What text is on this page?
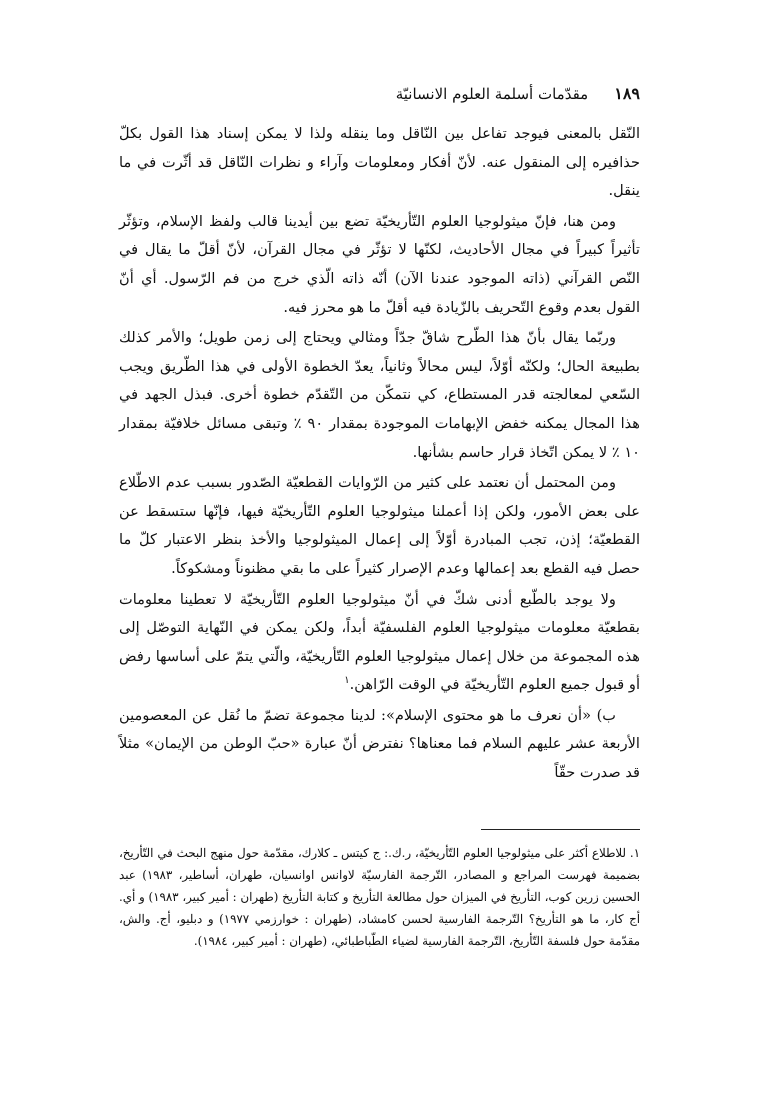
١٨٩
مقدّمات أسلمة العلوم الانسانيّة

النّقل بالمعنى فيوجد تفاعل بين النّاقل وما ينقله ولذا لا يمكن إسناد هذا القول بكلّ حذافيره إلى المنقول عنه. لأنّ أفكار ومعلومات وآراء و نظرات النّاقل قد أثّرت في ما ينقل.

ومن هنا، فإنّ ميثولوجيا العلوم التّأريخيّة تضع بين أيدينا قالب ولفظ الإسلام، وتؤثّر تأثيراً كبيراً في مجال الأحاديث، لكنّها لا تؤثّر في مجال القرآن، لأنّ أقلّ ما يقال في النّص القرآني (ذاته الموجود عندنا الآن) أنّه ذاته الّذي خرج من فم الرّسول. أي أنّ القول بعدم وقوع التّحريف بالزّيادة فيه أقلّ ما هو محرز فيه.

وربّما يقال بأنّ هذا الطّرح شاقّ جدّاً ومثالي ويحتاج إلى زمن طويل؛ والأمر كذلك بطبيعة الحال؛ ولكنّه أوّلاً، ليس محالاً وثانياً، يعدّ الخطوة الأولى في هذا الطّريق ويجب السّعي لمعالجته قدر المستطاع، كي نتمكّن من التّقدّم خطوة أخرى. فبذل الجهد في هذا المجال يمكنه خفض الإبهامات الموجودة بمقدار ٩٠ ٪ وتبقى مسائل خلافيّة بمقدار ١٠ ٪ لا يمكن اتّخاذ قرار حاسم بشأنها.

ومن المحتمل أن نعتمد على كثير من الرّوايات القطعيّة الصّدور بسبب عدم الاطّلاع على بعض الأمور، ولكن إذا أعملنا ميثولوجيا العلوم التّأريخيّة فيها، فإنّها ستسقط عن القطعيّة؛ إذن، تجب المبادرة أوّلاً إلى إعمال الميثولوجيا والأخذ بنظر الاعتبار كلّ ما حصل فيه القطع بعد إعمالها وعدم الإصرار كثيراً على ما بقي مظنوناً ومشكوكاً.

ولا يوجد بالطّبع أدنى شكّ في أنّ ميثولوجيا العلوم التّأريخيّة لا تعطينا معلومات بقطعيّة معلومات ميثولوجيا العلوم الفلسفيّة أبداً، ولكن يمكن في النّهاية التوصّل إلى هذه المجموعة من خلال إعمال ميثولوجيا العلوم التّأريخيّة، والّتي يتمّ على أساسها رفض أو قبول جميع العلوم التّأريخيّة في الوقت الرّاهن.$^١$

ب) «أن نعرف ما هو محتوى الإسلام»: لدينا مجموعة تضمّ ما نُقل عن المعصومين الأربعة عشر عليهم السلام فما معناها؟ نفترض أنّ عبارة «حبّ الوطن من الإيمان» مثلاً قد صدرت حقّاً

١. للاطلاع أكثر على ميثولوجيا العلوم التّأريخيّة، ر.ك.: ج كيتس ـ كلارك، مقدّمة حول منهج البحث في التّأريخ، بضميمة فهرست المراجع و المصادر، التّرجمة الفارسيّة لاوانس اوانسيان، طهران، أساطير، ١٩٨٣) عبد الحسين زرين كوب، التأريخ في الميزان حول مطالعة التأريخ و كتابة التأريخ (طهران : أمير كبير، ١٩٨٣) و أي. أج كار، ما هو التأريخ؟ التّرجمة الفارسية لحسن كامشاد، (طهران : خوارزمي ١٩٧٧) و دبليو، أج. والش، مقدّمة حول فلسفة التّأريخ، التّرجمة الفارسية لضياء الطّباطبائي، (طهران : أمير كبير، ١٩٨٤).
